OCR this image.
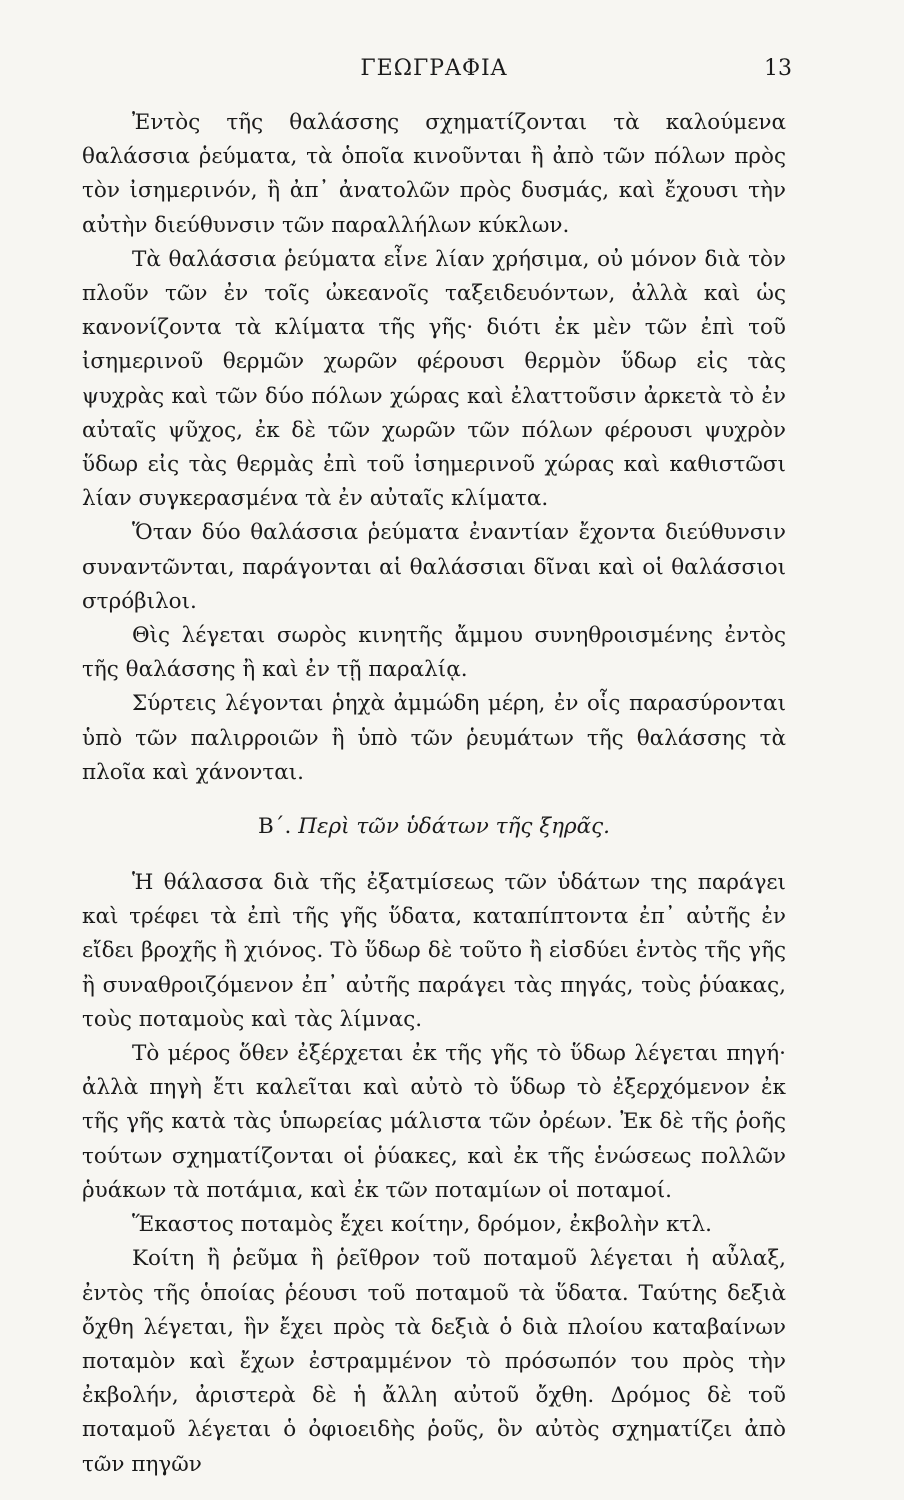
ΓΕΩΓΡΑΦΙΑ	13

Ἐντὸς τῆς θαλάσσης σχηματίζονται τὰ καλούμενα θαλάσσια ῥεύματα, τὰ ὁποῖα κινοῦνται ἢ ἀπὸ τῶν πόλων πρὸς τὸν ἰσημερινόν, ἢ ἀπ᾽ ἀνατολῶν πρὸς δυσμάς, καὶ ἔχουσι τὴν αὐτὴν διεύθυνσιν τῶν παραλλήλων κύκλων.

Τὰ θαλάσσια ῥεύματα εἶνε λίαν χρήσιμα, οὐ μόνον διὰ τὸν πλοῦν τῶν ἐν τοῖς ὠκεανοῖς ταξειδευόντων, ἀλλὰ καὶ ὡς κανονίζοντα τὰ κλίματα τῆς γῆς· διότι ἐκ μὲν τῶν ἐπὶ τοῦ ἰσημερινοῦ θερμῶν χωρῶν φέρουσι θερμὸν ὕδωρ εἰς τὰς ψυχρὰς καὶ τῶν δύο πόλων χώρας καὶ ἐλαττοῦσιν ἀρκετὰ τὸ ἐν αὐταῖς ψῦχος, ἐκ δὲ τῶν χωρῶν τῶν πόλων φέρουσι ψυχρὸν ὕδωρ εἰς τὰς θερμὰς ἐπὶ τοῦ ἰσημερινοῦ χώρας καὶ καθιστῶσι λίαν συγκερασμένα τὰ ἐν αὐταῖς κλίματα.

Ὅταν δύο θαλάσσια ῥεύματα ἐναντίαν ἔχοντα διεύθυνσιν συναντῶνται, παράγονται αἱ θαλάσσιαι δῖναι καὶ οἱ θαλάσσιοι στρόβιλοι.

Θὶς λέγεται σωρὸς κινητῆς ἄμμου συνηθροισμένης ἐντὸς τῆς θαλάσσης ἢ καὶ ἐν τῇ παραλίᾳ.

Σύρτεις λέγονται ῥηχὰ ἀμμώδη μέρη, ἐν οἷς παρασύρονται ὑπὸ τῶν παλιρροιῶν ἢ ὑπὸ τῶν ῥευμάτων τῆς θαλάσσης τὰ πλοῖα καὶ χάνονται.

Β΄. Περὶ τῶν ὑδάτων τῆς ξηρᾶς.

Ἡ θάλασσα διὰ τῆς ἐξατμίσεως τῶν ὑδάτων της παράγει καὶ τρέφει τὰ ἐπὶ τῆς γῆς ὕδατα, καταπίπτοντα ἐπ᾽ αὐτῆς ἐν εἴδει βροχῆς ἢ χιόνος. Τὸ ὕδωρ δὲ τοῦτο ἢ εἰσδύει ἐντὸς τῆς γῆς ἢ συναθροιζόμενον ἐπ᾽ αὐτῆς παράγει τὰς πηγάς, τοὺς ῥύακας, τοὺς ποταμοὺς καὶ τὰς λίμνας.

Τὸ μέρος ὅθεν ἐξέρχεται ἐκ τῆς γῆς τὸ ὕδωρ λέγεται πηγή· ἀλλὰ πηγὴ ἔτι καλεῖται καὶ αὐτὸ τὸ ὕδωρ τὸ ἐξερχόμενον ἐκ τῆς γῆς κατὰ τὰς ὑπωρείας μάλιστα τῶν ὀρέων. Ἐκ δὲ τῆς ῥοῆς τούτων σχηματίζονται οἱ ῥύακες, καὶ ἐκ τῆς ἑνώσεως πολλῶν ῥυάκων τὰ ποτάμια, καὶ ἐκ τῶν ποταμίων οἱ ποταμοί.

Ἕκαστος ποταμὸς ἔχει κοίτην, δρόμον, ἐκβολὴν κτλ.

Κοίτη ἢ ῥεῦμα ἢ ῥεῖθρον τοῦ ποταμοῦ λέγεται ἡ αὖλαξ, ἐντὸς τῆς ὁποίας ῥέουσι τοῦ ποταμοῦ τὰ ὕδατα. Ταύτης δεξιὰ ὄχθη λέγεται, ἣν ἔχει πρὸς τὰ δεξιὰ ὁ διὰ πλοίου καταβαίνων ποταμὸν καὶ ἔχων ἐστραμμένον τὸ πρόσωπόν του πρὸς τὴν ἐκβολήν, ἀριστερὰ δὲ ἡ ἄλλη αὐτοῦ ὄχθη. Δρόμος δὲ τοῦ ποταμοῦ λέγεται ὁ ὀφιοειδὴς ῥοῦς, ὃν αὐτὸς σχηματίζει ἀπὸ τῶν πηγῶν
